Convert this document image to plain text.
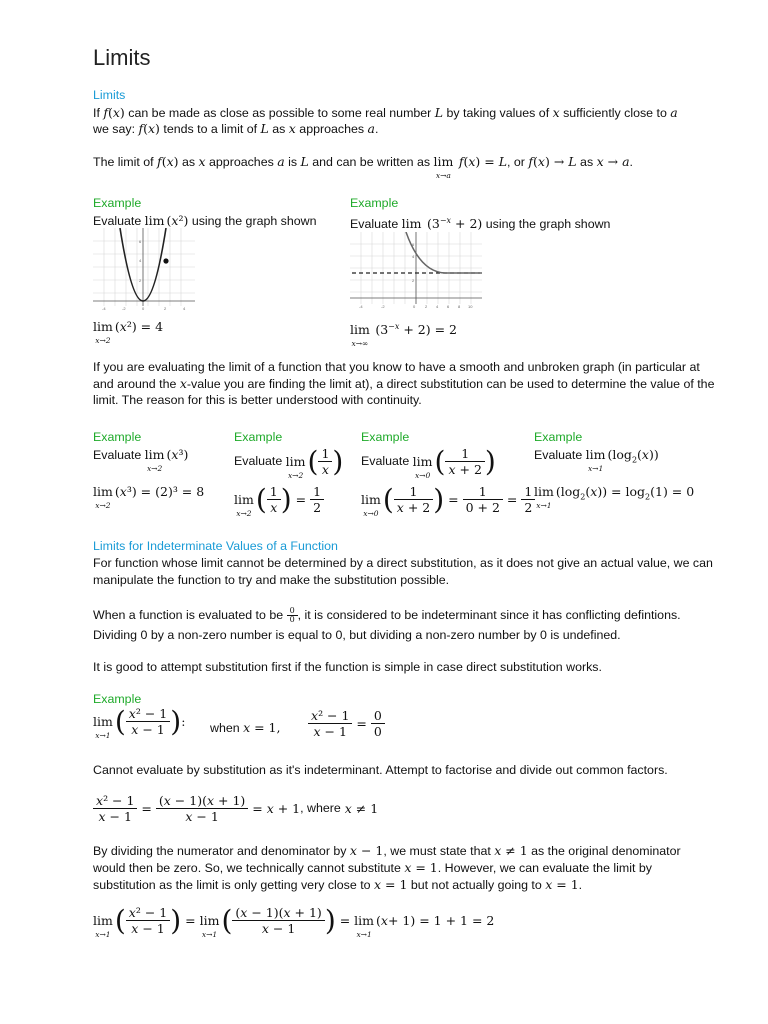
Limits
Limits
If f(x) can be made as close as possible to some real number L by taking values of x sufficiently close to a
we say: f(x) tends to a limit of L as x approaches a.
The limit of f(x) as x approaches a is L and can be written as lim
x→a
f(x) = L, or f(x) → L as x → a.
Example
Evaluate lim (x²) using the graph shown
-4	-2	0	2	4
6
4
2
lim
x→2
(x²) = 4
Example
Evaluate $\lim (3^{-x} + 2)$ using the graph shown
-4	-2	0 2 4 6 8 10
6
4
2
lim
x→∞
$(3^{-x} + 2) = 2$
If you are evaluating the limit of a function that you know to have a smooth and unbroken graph (in particular at and around the x-value you are finding the limit at), a direct substitution can be used to determine the value of the limit. The reason for this is better understood with continuity.
Example
Evaluate lim
x→2
(x³)
lim
x→2
(x³) = (2)³ = 8
Example
Evaluate lim
x→2 ( $\frac{1}{x}$ )
lim
x→2 ( $\frac{1}{x}$ ) = $\frac{1}{2}$
Example
Evaluate lim
x→0 ( $\frac{1}{x + 2}$ )
lim
x→0 ( $\frac{1}{x + 2}$ ) = $\frac{1}{0 + 2} = \frac{1}{2}$
Example
Evaluate lim
x→1
$(\log_2(x))$
lim
x→1
$(\log_2(x)) = \log_2(1) = 0$
Limits for Indeterminate Values of a Function
For function whose limit cannot be determined by a direct substitution, as it does not give an actual value, we can manipulate the function to try and make the substitution possible.
When a function is evaluated to be $\frac{0}{0}$ , it is considered to be indeterminant since it has conflicting defintions.
Dividing 0 by a non-zero number is equal to 0, but dividing a non-zero number by 0 is undefined.
It is good to attempt substitution first if the function is simple in case direct substitution works.
Example
lim
x→1 ( $\frac{\text{x² − 1}}{x - 1}$ ) : when x = 1, $\frac{\text{x² − 1}}{x - 1} = \frac{0}{0}$
Cannot evaluate by substitution as it's indeterminant. Attempt to factorise and divide out common factors.
$\frac{\text{x² − 1}}{x - 1} = \frac{(x - 1)(x + 1)}{x - 1} = x + 1$ , where x ≠ 1
By dividing the numerator and denominator by x − 1, we must state that x ≠ 1 as the original denominator
would then be zero. So, we technically cannot substitute x = 1. However, we can evaluate the limit by
substitution as the limit is only getting very close to x = 1 but not actually going to x = 1.
lim
x→1 ( $\frac{\text{x² − 1}}{x - 1}$ ) = lim
x→1 ( $\frac{(x - 1)(x + 1)}{x - 1}$ ) = lim
x→1
( x + 1) = 1 + 1 = 2
